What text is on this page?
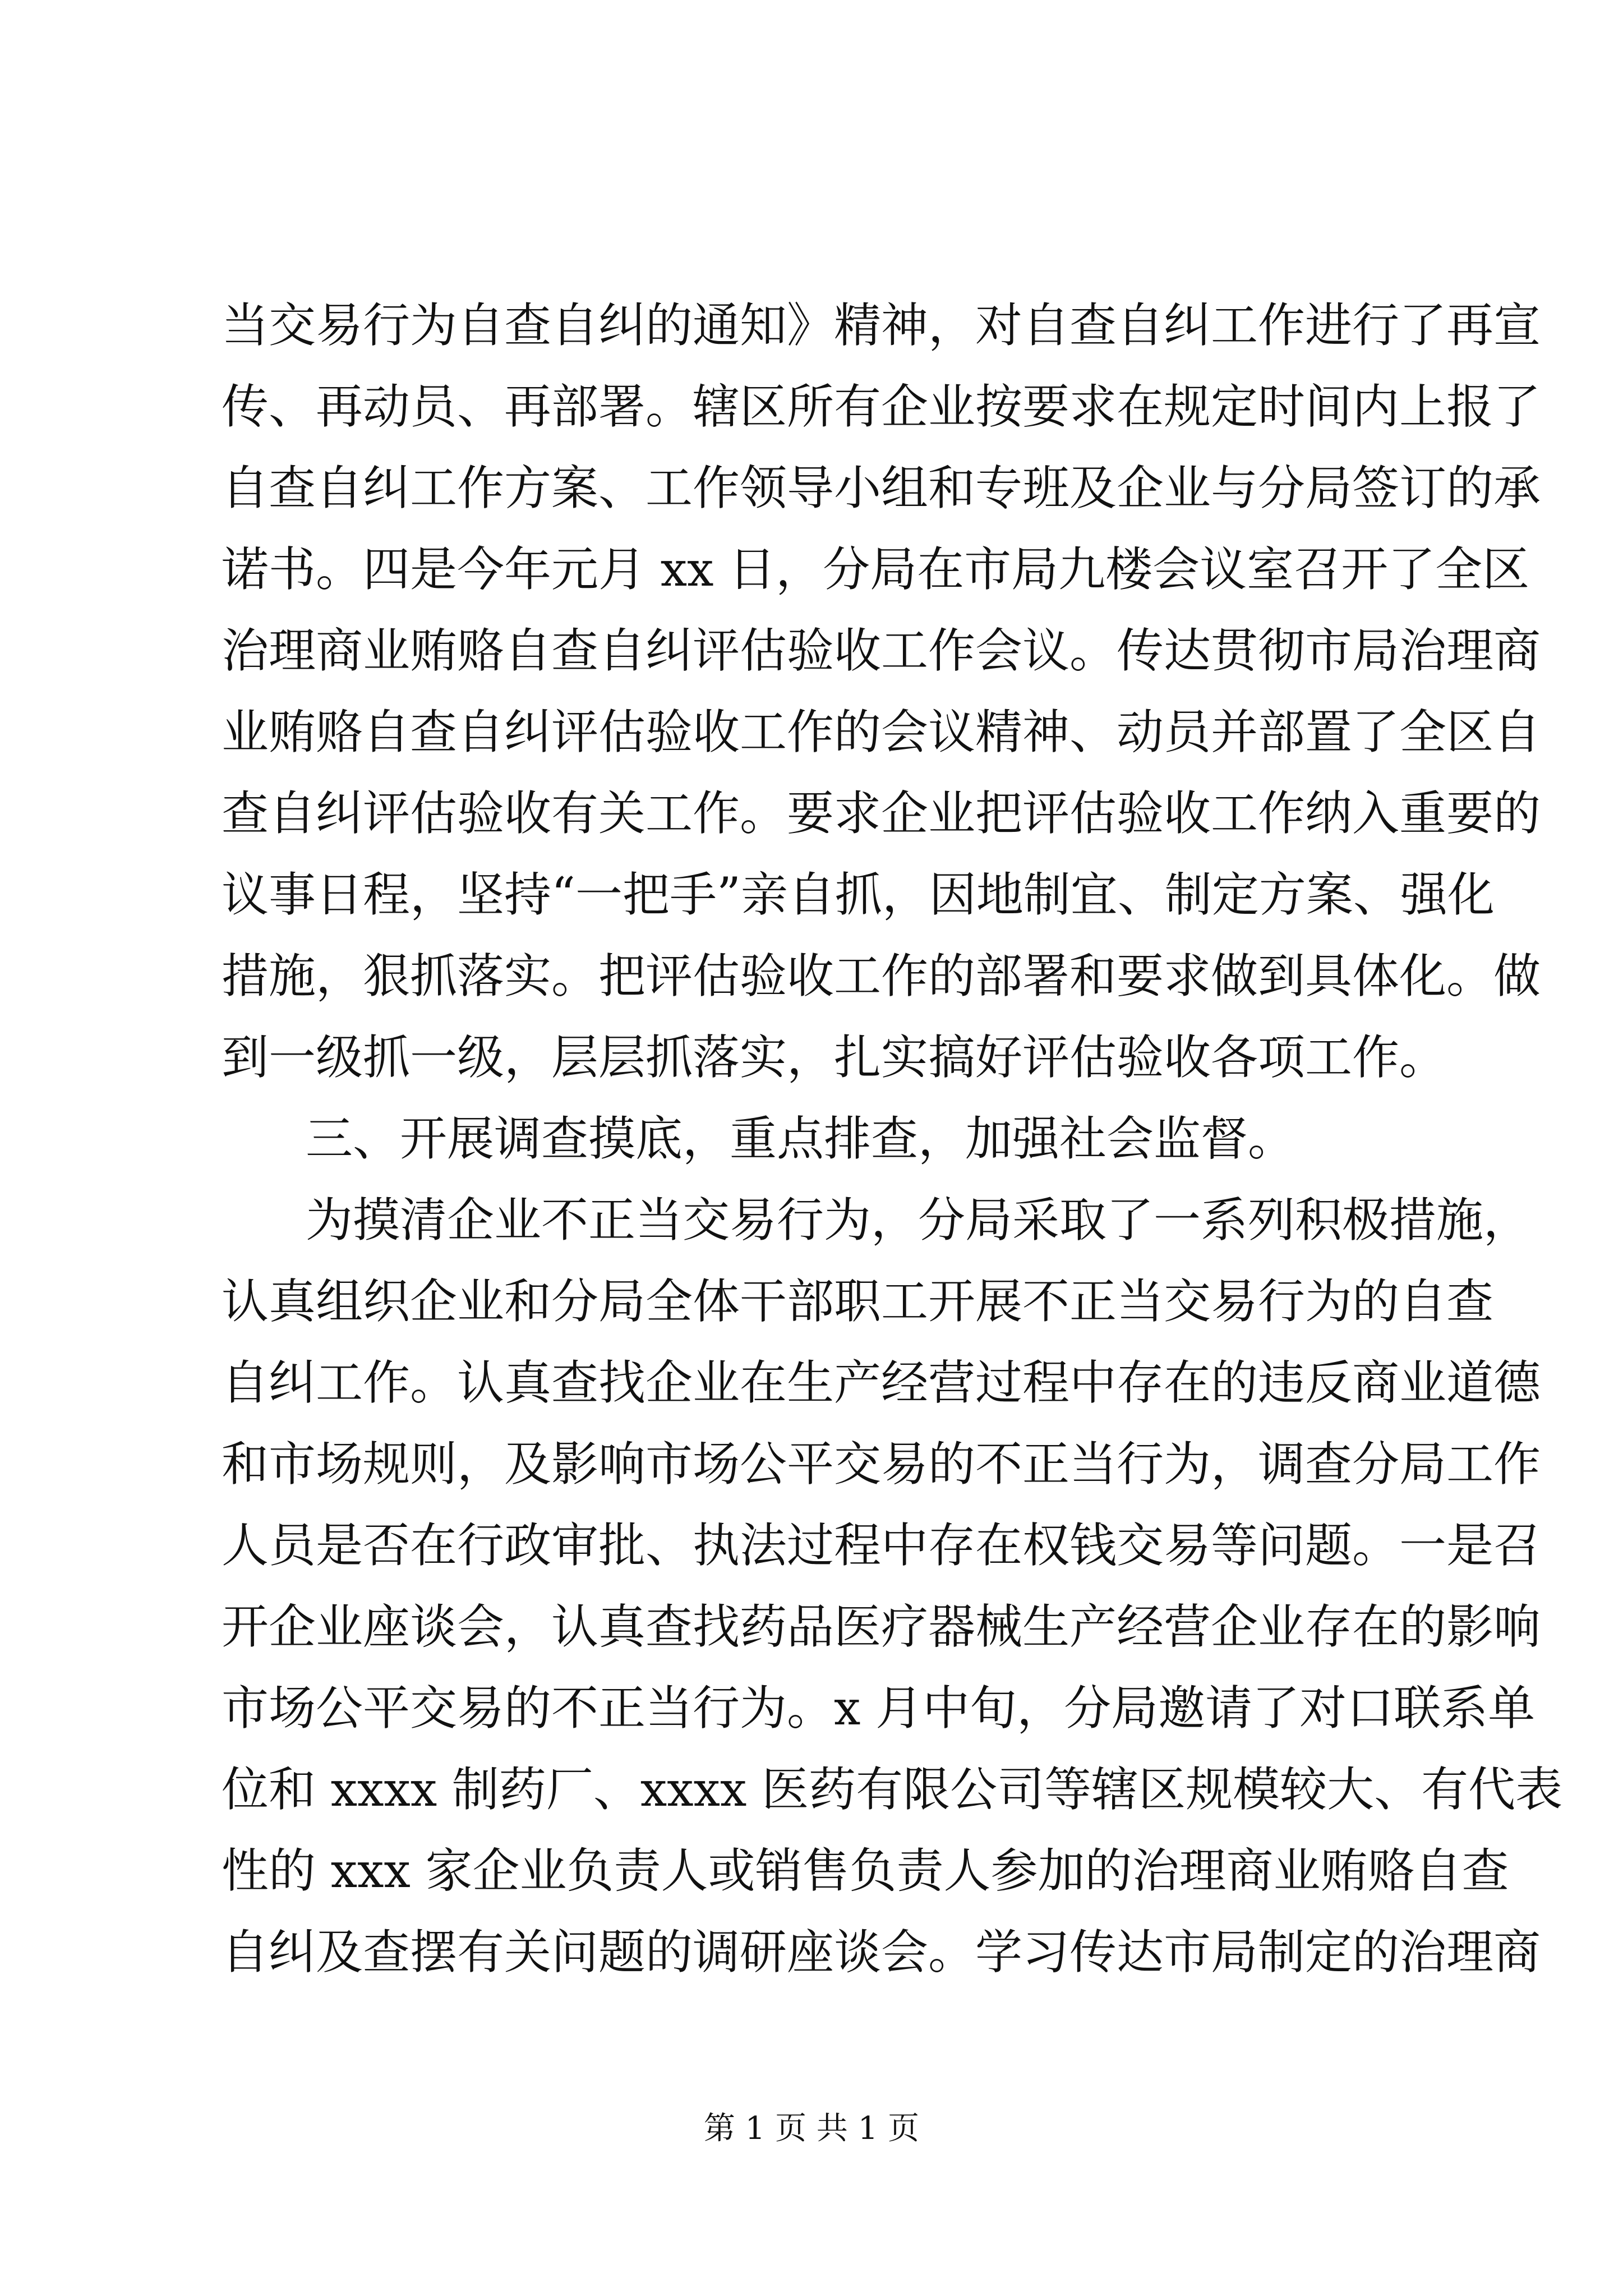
当交易行为自查自纠的通知》精神，对自查自纠工作进行了再宣
传、再动员、再部署。辖区所有企业按要求在规定时间内上报了
自查自纠工作方案、工作领导小组和专班及企业与分局签订的承
诺书。四是今年元月 xx 日，分局在市局九楼会议室召开了全区
治理商业贿赂自查自纠评估验收工作会议。传达贯彻市局治理商
业贿赂自查自纠评估验收工作的会议精神、动员并部置了全区自
查自纠评估验收有关工作。要求企业把评估验收工作纳入重要的
议事日程，坚持“一把手”亲自抓，因地制宜、制定方案、强化
措施，狠抓落实。把评估验收工作的部署和要求做到具体化。做
到一级抓一级，层层抓落实，扎实搞好评估验收各项工作。
三、开展调查摸底，重点排查，加强社会监督。
为摸清企业不正当交易行为，分局采取了一系列积极措施，
认真组织企业和分局全体干部职工开展不正当交易行为的自查
自纠工作。认真查找企业在生产经营过程中存在的违反商业道德
和市场规则，及影响市场公平交易的不正当行为，调查分局工作
人员是否在行政审批、执法过程中存在权钱交易等问题。一是召
开企业座谈会，认真查找药品医疗器械生产经营企业存在的影响
市场公平交易的不正当行为。x 月中旬，分局邀请了对口联系单
位和 xxxx 制药厂、xxxx 医药有限公司等辖区规模较大、有代表
性的 xxx 家企业负责人或销售负责人参加的治理商业贿赂自查
自纠及查摆有关问题的调研座谈会。学习传达市局制定的治理商
第 1 页 共 1 页
